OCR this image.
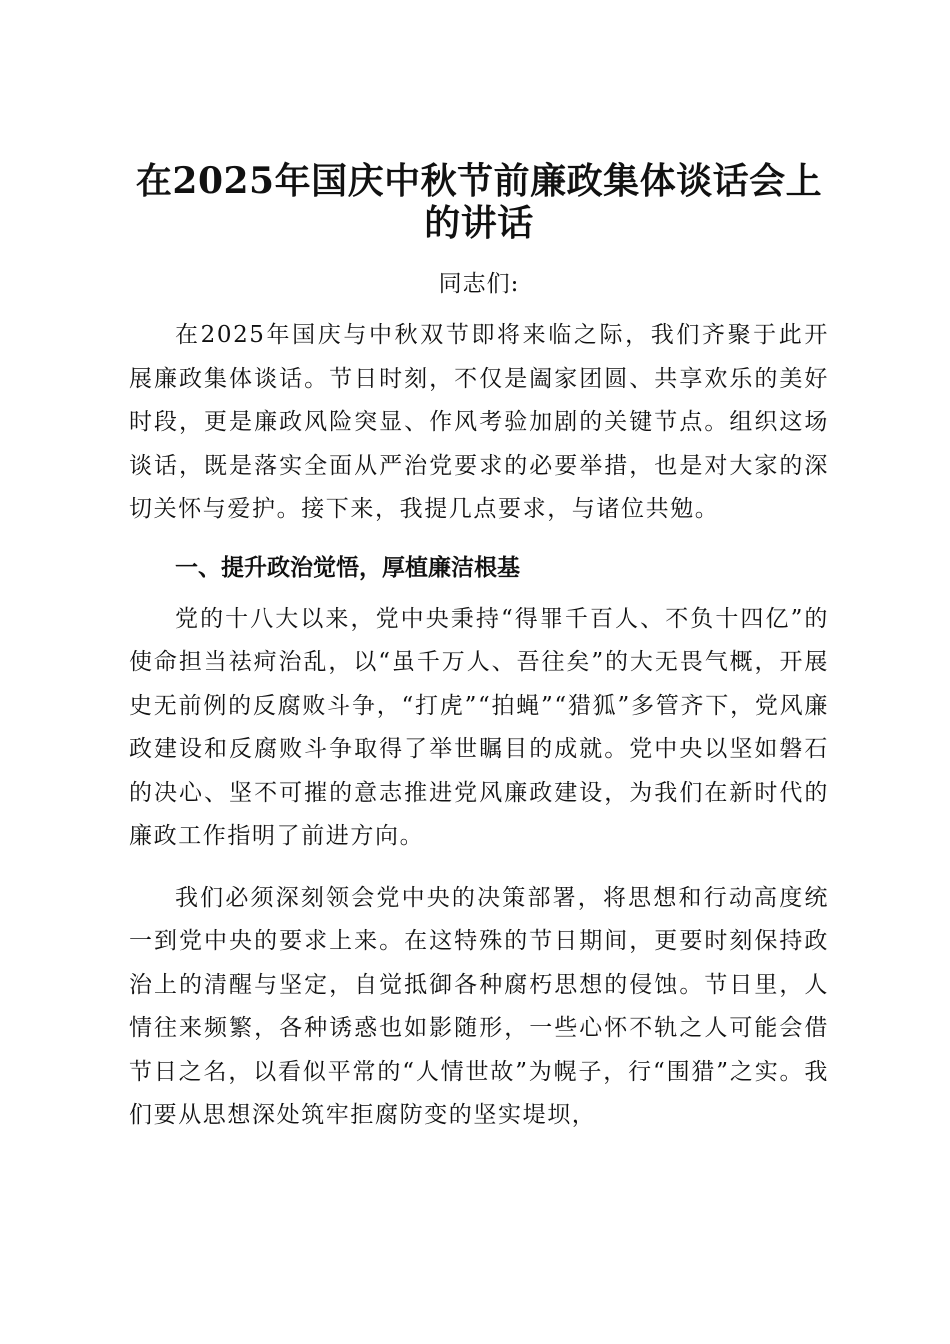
在2025年国庆中秋节前廉政集体谈话会上的讲话
同志们:

在2025年国庆与中秋双节即将来临之际，我们齐聚于此开展廉政集体谈话。节日时刻，不仅是阖家团圆、共享欢乐的美好时段，更是廉政风险突显、作风考验加剧的关键节点。组织这场谈话，既是落实全面从严治党要求的必要举措，也是对大家的深切关怀与爱护。接下来，我提几点要求，与诸位共勉。

一、提升政治觉悟，厚植廉洁根基

党的十八大以来，党中央秉持“得罪千百人、不负十四亿”的使命担当祛疴治乱，以“虽千万人、吾往矣”的大无畏气概，开展史无前例的反腐败斗争，“打虎”“拍蝇”“猎狐”多管齐下，党风廉政建设和反腐败斗争取得了举世瞩目的成就。党中央以坚如磐石的决心、坚不可摧的意志推进党风廉政建设，为我们在新时代的廉政工作指明了前进方向。

我们必须深刻领会党中央的决策部署，将思想和行动高度统一到党中央的要求上来。在这特殊的节日期间，更要时刻保持政治上的清醒与坚定，自觉抵御各种腐朽思想的侵蚀。节日里，人情往来频繁，各种诱惑也如影随形，一些心怀不轨之人可能会借节日之名，以看似平常的“人情世故”为幌子，行“围猎”之实。我们要从思想深处筑牢拒腐防变的坚实堤坝，
